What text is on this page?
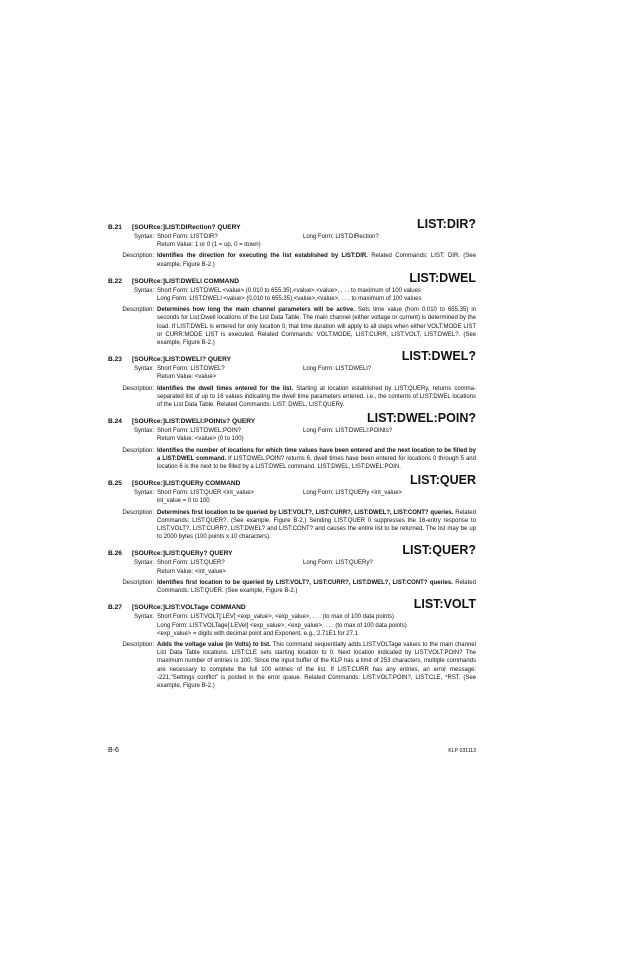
B.21 [SOURce:]LIST:DIRection? QUERY	LIST:DIR?
Syntax: Short Form: LIST:DIR?	Long Form: LIST:DIRection?
Return Value: 1 or 0 (1 = up, 0 = down)
Description: Identifies the direction for executing the list established by LIST:DIR. Related Commands: LIST: DIR. (See example, Figure B-2.)
B.22 [SOURce:]LIST:DWELl COMMAND	LIST:DWEL
Syntax: Short Form: LIST:DWEL <value> (0.010 to 655.35),<value>,<value>, . . . to maximum of 100 values
Long Form: LIST:DWELl <value> (0.010 to 655.35),<value>,<value>, . . . to maximum of 100 values
Description: Determines how long the main channel parameters will be active. Sets time value (from 0.010 to 655.35) in seconds for List:Dwell locations of the List Data Table. The main channel (either voltage or current) is determined by the load. If LIST:DWEL is entered for only location 0, that time duration will apply to all steps when either VOLT:MODE LIST or CURR:MODE LIST is executed. Related Commands: VOLT:MODE, LIST:CURR, LIST:VOLT, LIST:DWEL?. (See example, Figure B-2.)
B.23 [SOURce:]LIST:DWELl? QUERY	LIST:DWEL?
Syntax: Short Form: LIST:DWEL?	Long Form: LIST:DWELl?
Return Value: <value>
Description: Identifies the dwell times entered for the list. Starting at location established by LIST:QUERy, returns comma-separated list of up to 16 values indicating the dwell time parameters entered. i.e., the contents of LIST:DWEL locations of the List Data Table. Related Commands: LIST: DWEL, LIST:QUERy.
B.24 [SOURce:]LIST:DWELl:POINts? QUERY	LIST:DWEL:POIN?
Syntax: Short Form: LIST:DWEL:POIN?	Long Form: LIST:DWELl:POINts?
Return Value: <value> (0 to 100)
Description: Identifies the number of locations for which time values have been entered and the next location to be filled by a LIST:DWEL command. If LIST:DWEL:POIN? returns 6, dwell times have been entered for locations 0 through 5 and location 6 is the next to be filled by a LIST:DWEL command. LIST:DWEL, LIST:DWEL:POIN.
B.25 [SOURce:]LIST:QUERy COMMAND	LIST:QUER
Syntax: Short Form: LIST:QUER <int_value>	Long Form: LIST:QUERy <int_value>
int_value = 0 to 100
Description: Determines first location to be queried by LIST:VOLT?, LIST:CURR?, LIST:DWEL?, LIST:CONT? queries. Related Commands: LIST:QUER?. (See example, Figure B-2.) Sending LIST:QUER 0 suppresses the 16-entry response to LIST:VOLT?, LIST:CURR?, LIST:DWEL? and LIST:CONT? and causes the entire list to be returned. The list may be up to 2000 bytes (100 points x 10 characters).
B.26 [SOURce:]LIST:QUERy? QUERY	LIST:QUER?
Syntax: Short Form: LIST:QUER?	Long Form: LIST:QUERy?
Return Value: <int_value>
Description: Identifies first location to be queried by LIST:VOLT?, LIST:CURR?, LIST:DWEL?, LIST:CONT? queries. Related Commands: LIST:QUER. (See example, Figure B-2.)
B.27 [SOURce:]LIST:VOLTage COMMAND	LIST:VOLT
Syntax: Short Form: LIST:VOLT[:LEV] <exp_value>, <exp_value>, . . . (to max of 100 data points)
Long Form: LIST:VOLTage[:LEVel] <exp_value>, <exp_value>, . . . (to max of 100 data points)
<exp_value> = digits with decimal point and Exponent, e.g., 2.71E1 for 27.1
Description: Adds the voltage value (in Volts) to list. This command sequentially adds LIST:VOLTage values to the main channel List Data Table locations. LIST:CLE sets starting location to 0. Next location indicated by LIST:VOLT:POIN? The maximum number of entries is 100. Since the input buffer of the KLP has a limit of 253 characters, multiple commands are necessary to complete the full 100 entries of the list. If LIST:CURR has any entries, an error message: -221,"Settings conflict" is posted in the error queue. Related Commands: LIST:VOLT:POIN?, LIST:CLE, *RST. (See example, Figure B-2.)
B-6	KLP 031113
